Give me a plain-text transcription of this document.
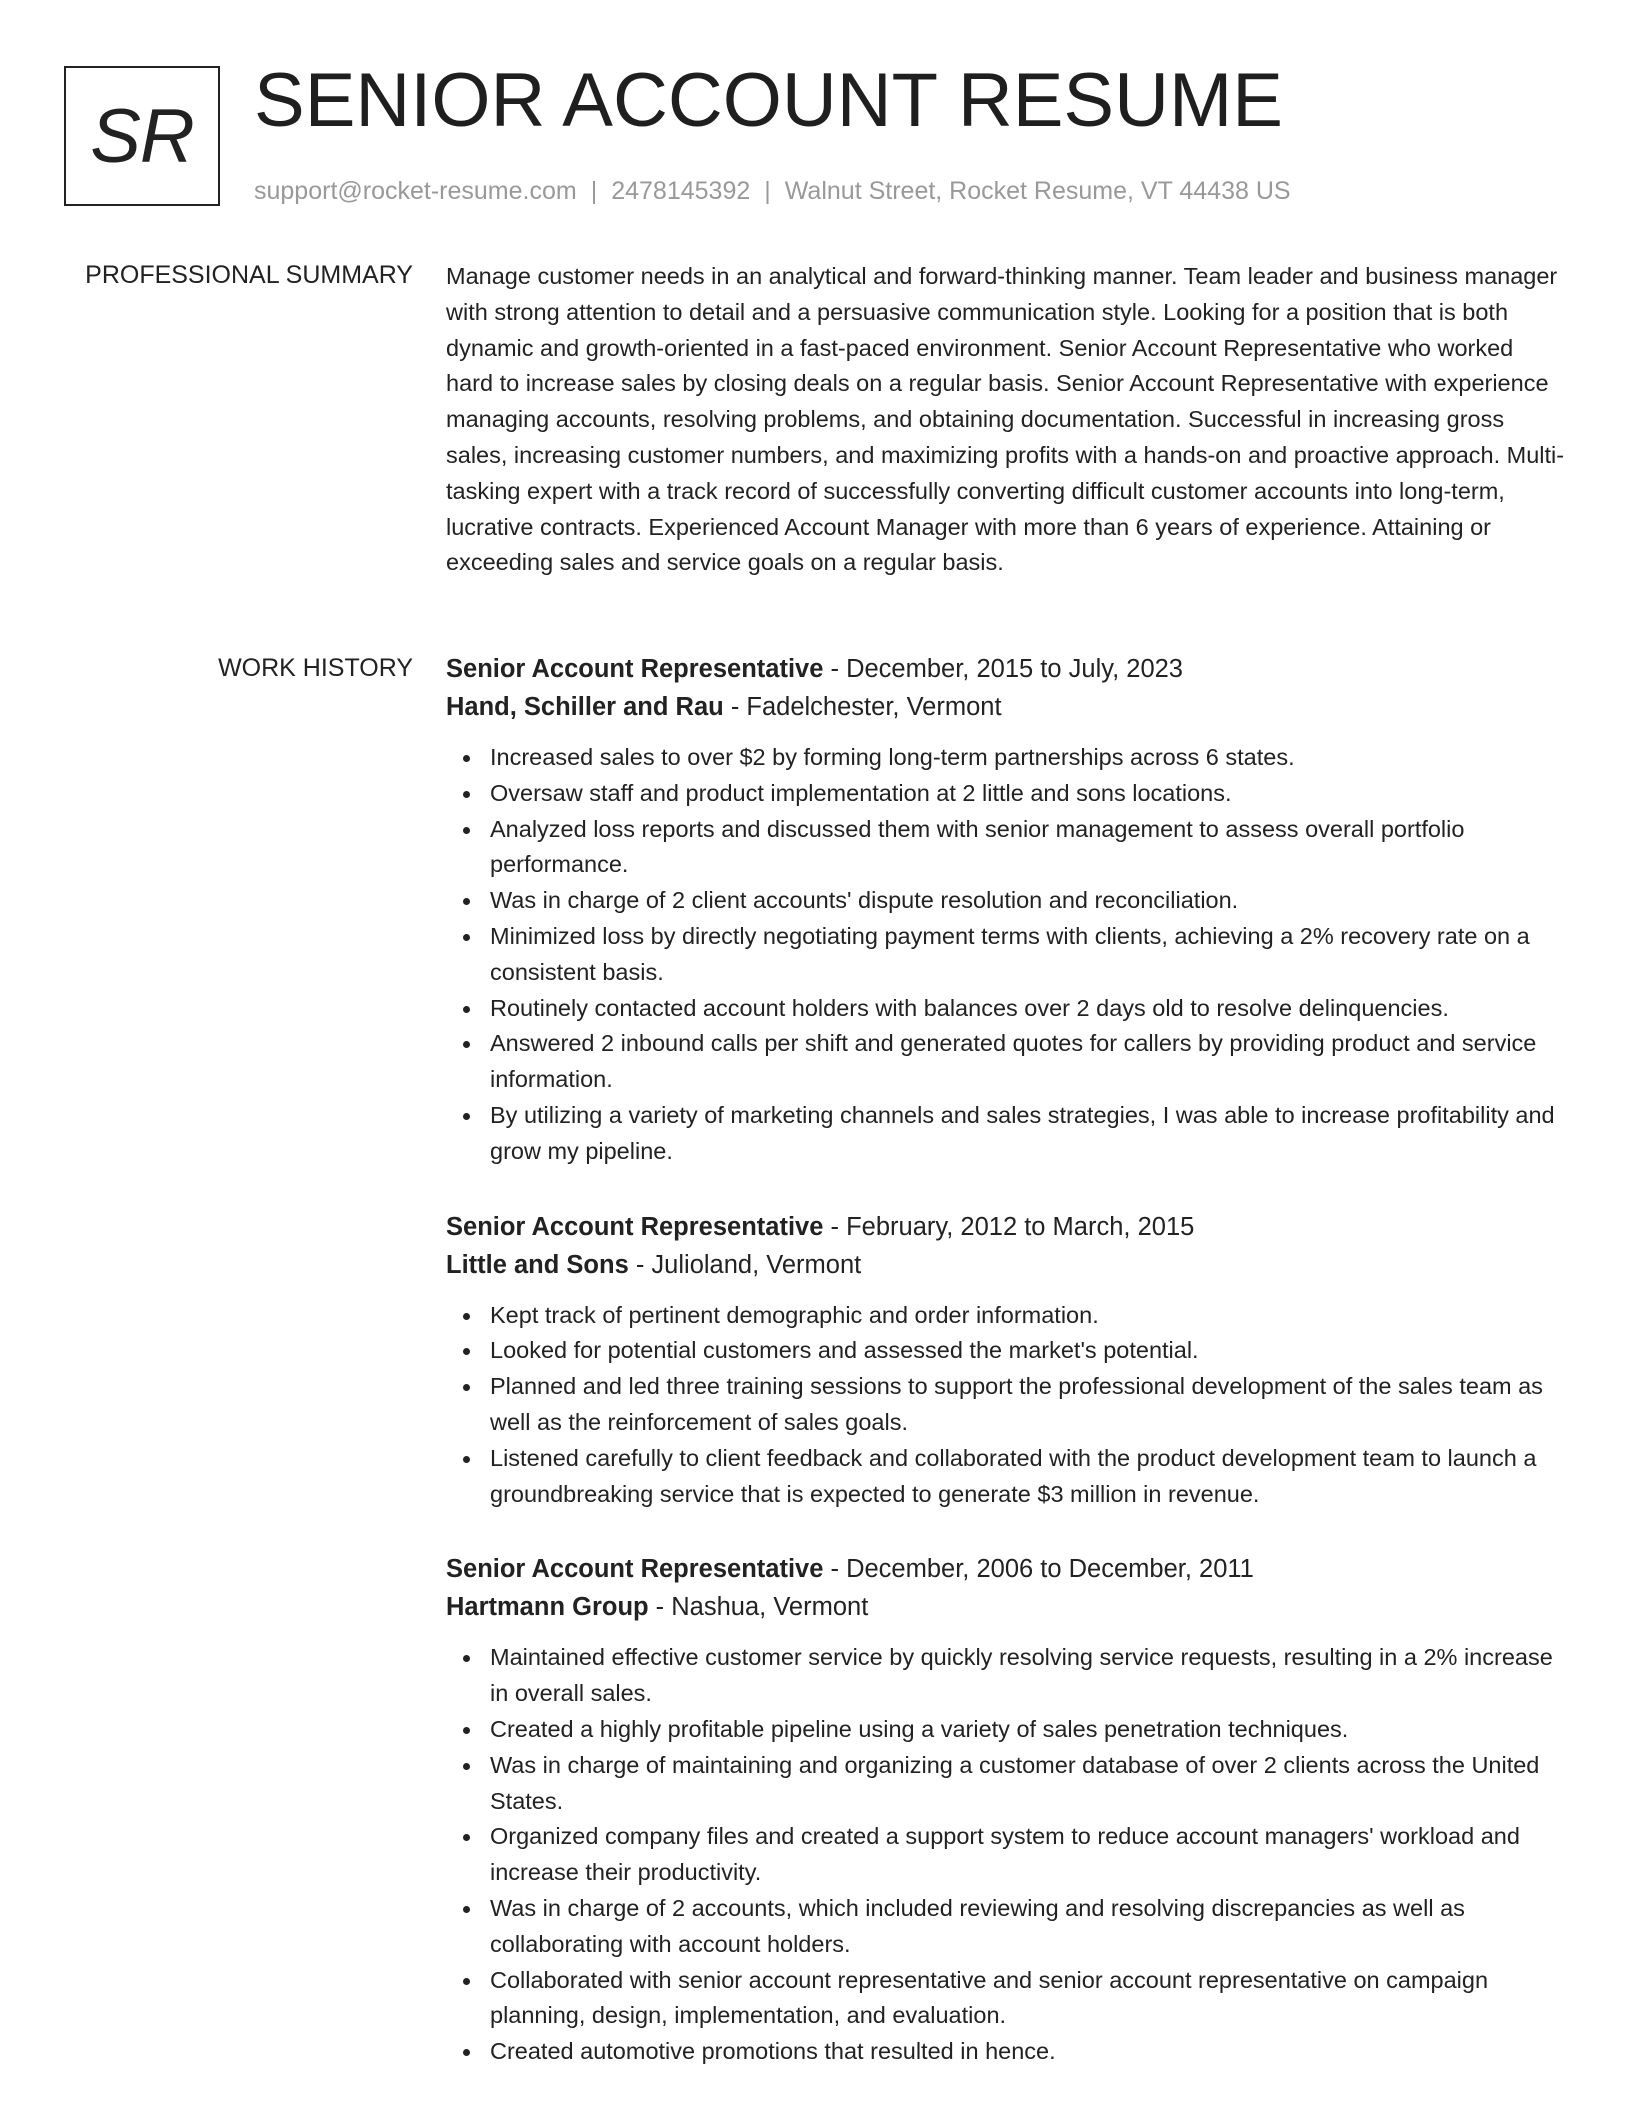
SR SENIOR ACCOUNT RESUME
support@rocket-resume.com | 2478145392 | Walnut Street, Rocket Resume, VT 44438 US
PROFESSIONAL SUMMARY Manage customer needs in an analytical and forward-thinking manner. Team leader and business manager with strong attention to detail and a persuasive communication style. Looking for a position that is both dynamic and growth-oriented in a fast-paced environment. Senior Account Representative who worked hard to increase sales by closing deals on a regular basis. Senior Account Representative with experience managing accounts, resolving problems, and obtaining documentation. Successful in increasing gross sales, increasing customer numbers, and maximizing profits with a hands-on and proactive approach. Multi-tasking expert with a track record of successfully converting difficult customer accounts into long-term, lucrative contracts. Experienced Account Manager with more than 6 years of experience. Attaining or exceeding sales and service goals on a regular basis.
WORK HISTORY Senior Account Representative - December, 2015 to July, 2023
Hand, Schiller and Rau - Fadelchester, Vermont
Increased sales to over $2 by forming long-term partnerships across 6 states.
Oversaw staff and product implementation at 2 little and sons locations.
Analyzed loss reports and discussed them with senior management to assess overall portfolio performance.
Was in charge of 2 client accounts' dispute resolution and reconciliation.
Minimized loss by directly negotiating payment terms with clients, achieving a 2% recovery rate on a consistent basis.
Routinely contacted account holders with balances over 2 days old to resolve delinquencies.
Answered 2 inbound calls per shift and generated quotes for callers by providing product and service information.
By utilizing a variety of marketing channels and sales strategies, I was able to increase profitability and grow my pipeline.
Senior Account Representative - February, 2012 to March, 2015
Little and Sons - Julioland, Vermont
Kept track of pertinent demographic and order information.
Looked for potential customers and assessed the market's potential.
Planned and led three training sessions to support the professional development of the sales team as well as the reinforcement of sales goals.
Listened carefully to client feedback and collaborated with the product development team to launch a groundbreaking service that is expected to generate $3 million in revenue.
Senior Account Representative - December, 2006 to December, 2011
Hartmann Group - Nashua, Vermont
Maintained effective customer service by quickly resolving service requests, resulting in a 2% increase in overall sales.
Created a highly profitable pipeline using a variety of sales penetration techniques.
Was in charge of maintaining and organizing a customer database of over 2 clients across the United States.
Organized company files and created a support system to reduce account managers' workload and increase their productivity.
Was in charge of 2 accounts, which included reviewing and resolving discrepancies as well as collaborating with account holders.
Collaborated with senior account representative and senior account representative on campaign planning, design, implementation, and evaluation.
Created automotive promotions that resulted in hence.
